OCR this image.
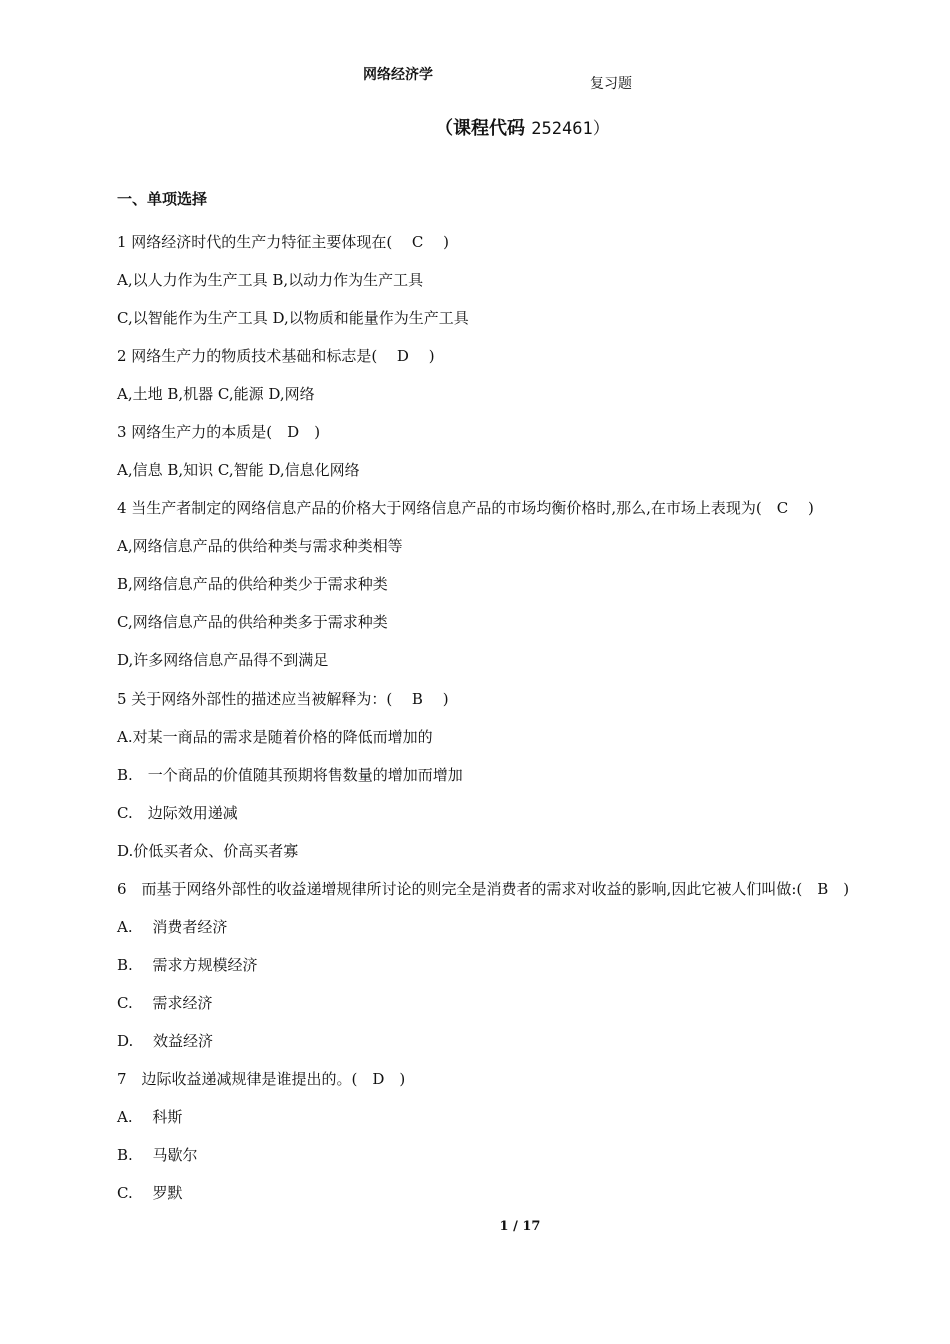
网络经济学
复习题
（课程代码 252461）
一、单项选择
1 网络经济时代的生产力特征主要体现在(　 C　 )
A,以人力作为生产工具 B,以动力作为生产工具
C,以智能作为生产工具 D,以物质和能量作为生产工具
2 网络生产力的物质技术基础和标志是(　 D　 )
A,土地 B,机器 C,能源 D,网络
3 网络生产力的本质是(　D　)
A,信息 B,知识 C,智能 D,信息化网络
4 当生产者制定的网络信息产品的价格大于网络信息产品的市场均衡价格时,那么,在市场上表现为(　C　 )
A,网络信息产品的供给种类与需求种类相等
B,网络信息产品的供给种类少于需求种类
C,网络信息产品的供给种类多于需求种类
D,许多网络信息产品得不到满足
5 关于网络外部性的描述应当被解释为：(　 B　 )
A.对某一商品的需求是随着价格的降低而增加的
B.　一个商品的价值随其预期将售数量的增加而增加
C.　边际效用递减
D.价低买者众、价高买者寡
6　而基于网络外部性的收益递增规律所讨论的则完全是消费者的需求对收益的影响,因此它被人们叫做:(　B　)
A.　 消费者经济
B.　 需求方规模经济
C.　 需求经济
D.　 效益经济
7　边际收益递减规律是谁提出的。(　D　)
A.　 科斯
B.　 马歇尔
C.　 罗默
1 / 17
